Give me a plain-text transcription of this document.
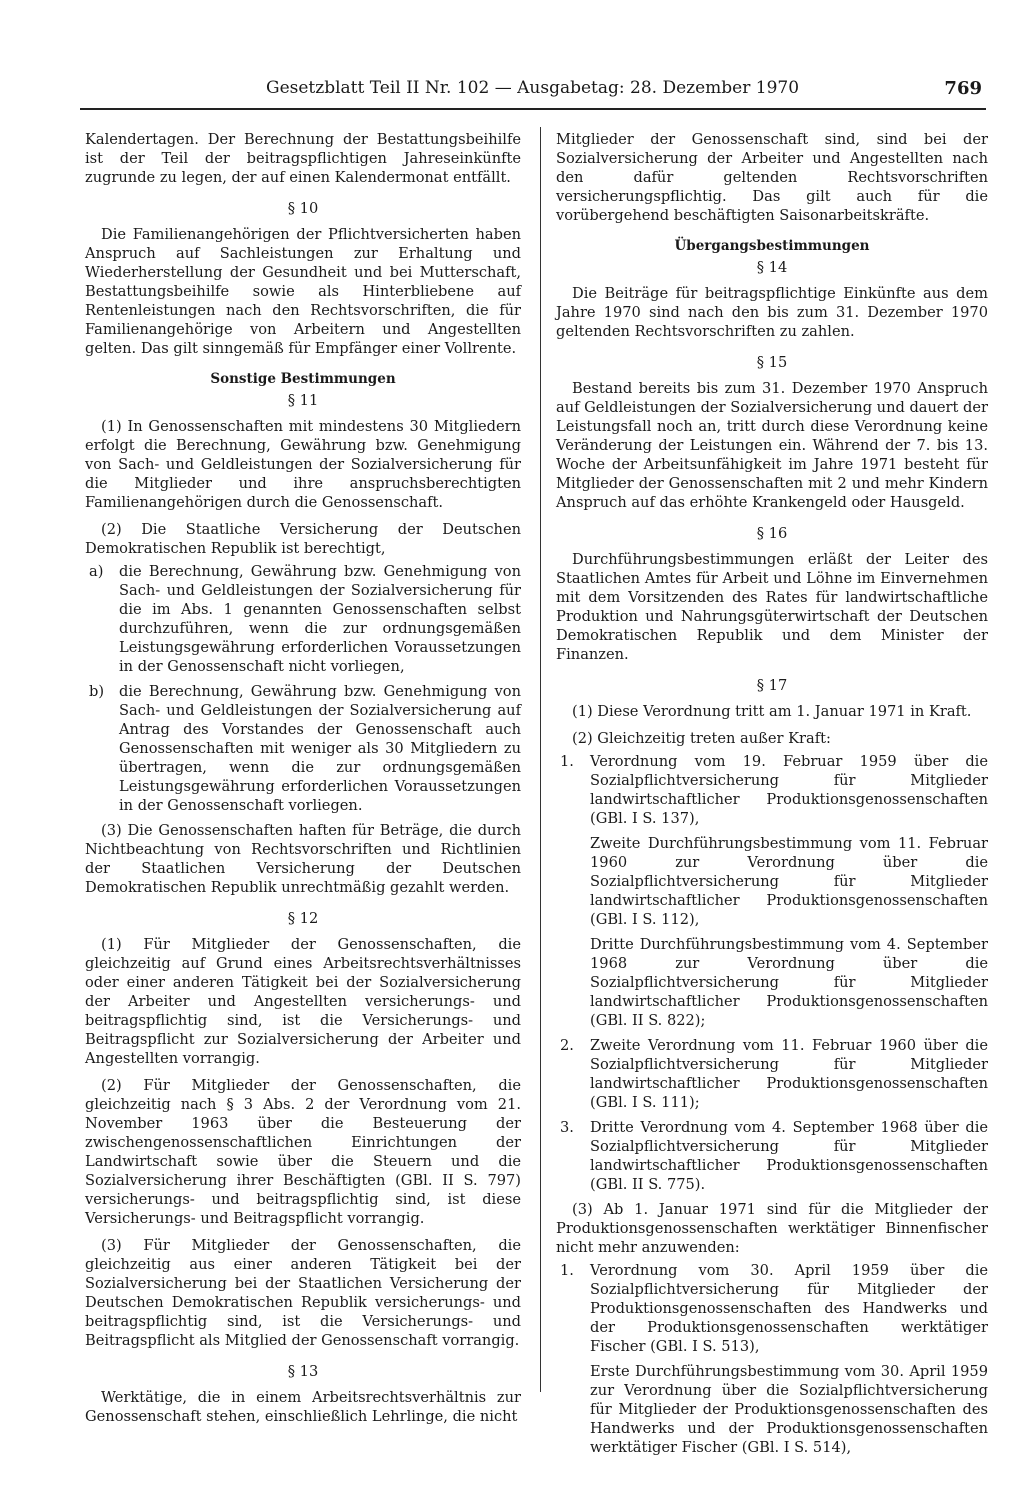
Gesetzblatt Teil II Nr. 102 — Ausgabetag: 28. Dezember 1970	769

Kalendertagen. Der Berechnung der Bestattungsbeihilfe ist der Teil der beitragspflichtigen Jahreseinkünfte zugrunde zu legen, der auf einen Kalendermonat entfällt.

§ 10

Die Familienangehörigen der Pflichtversicherten haben Anspruch auf Sachleistungen zur Erhaltung und Wiederherstellung der Gesundheit und bei Mutterschaft, Bestattungsbeihilfe sowie als Hinterbliebene auf Rentenleistungen nach den Rechtsvorschriften, die für Familienangehörige von Arbeitern und Angestellten gelten. Das gilt sinngemäß für Empfänger einer Vollrente.

Sonstige Bestimmungen
§ 11

(1) In Genossenschaften mit mindestens 30 Mitgliedern erfolgt die Berechnung, Gewährung bzw. Genehmigung von Sach- und Geldleistungen der Sozialversicherung für die Mitglieder und ihre anspruchsberechtigten Familienangehörigen durch die Genossenschaft.

(2) Die Staatliche Versicherung der Deutschen Demokratischen Republik ist berechtigt,

a)	die Berechnung, Gewährung bzw. Genehmigung von Sach- und Geldleistungen der Sozialversicherung für die im Abs. 1 genannten Genossenschaften selbst durchzuführen, wenn die zur ordnungsgemäßen Leistungsgewährung erforderlichen Voraussetzungen in der Genossenschaft nicht vorliegen,
b)	die Berechnung, Gewährung bzw. Genehmigung von Sach- und Geldleistungen der Sozialversicherung auf Antrag des Vorstandes der Genossenschaft auch Genossenschaften mit weniger als 30 Mitgliedern zu übertragen, wenn die zur ordnungsgemäßen Leistungsgewährung erforderlichen Voraussetzungen in der Genossenschaft vorliegen.

(3) Die Genossenschaften haften für Beträge, die durch Nichtbeachtung von Rechtsvorschriften und Richtlinien der Staatlichen Versicherung der Deutschen Demokratischen Republik unrechtmäßig gezahlt werden.

§ 12

(1) Für Mitglieder der Genossenschaften, die gleichzeitig auf Grund eines Arbeitsrechtsverhältnisses oder einer anderen Tätigkeit bei der Sozialversicherung der Arbeiter und Angestellten versicherungs- und beitragspflichtig sind, ist die Versicherungs- und Beitragspflicht zur Sozialversicherung der Arbeiter und Angestellten vorrangig.

(2) Für Mitglieder der Genossenschaften, die gleichzeitig nach § 3 Abs. 2 der Verordnung vom 21. November 1963 über die Besteuerung der zwischengenossenschaftlichen Einrichtungen der Landwirtschaft sowie über die Steuern und die Sozialversicherung ihrer Beschäftigten (GBl. II S. 797) versicherungs- und beitragspflichtig sind, ist diese Versicherungs- und Beitragspflicht vorrangig.

(3) Für Mitglieder der Genossenschaften, die gleichzeitig aus einer anderen Tätigkeit bei der Sozialversicherung bei der Staatlichen Versicherung der Deutschen Demokratischen Republik versicherungs- und beitragspflichtig sind, ist die Versicherungs- und Beitragspflicht als Mitglied der Genossenschaft vorrangig.

§ 13

Werktätige, die in einem Arbeitsrechtsverhältnis zur Genossenschaft stehen, einschließlich Lehrlinge, die nicht

Mitglieder der Genossenschaft sind, sind bei der Sozialversicherung der Arbeiter und Angestellten nach den dafür geltenden Rechtsvorschriften versicherungspflichtig. Das gilt auch für die vorübergehend beschäftigten Saisonarbeitskräfte.

Übergangsbestimmungen
§ 14

Die Beiträge für beitragspflichtige Einkünfte aus dem Jahre 1970 sind nach den bis zum 31. Dezember 1970 geltenden Rechtsvorschriften zu zahlen.

§ 15

Bestand bereits bis zum 31. Dezember 1970 Anspruch auf Geldleistungen der Sozialversicherung und dauert der Leistungsfall noch an, tritt durch diese Verordnung keine Veränderung der Leistungen ein. Während der 7. bis 13. Woche der Arbeitsunfähigkeit im Jahre 1971 besteht für Mitglieder der Genossenschaften mit 2 und mehr Kindern Anspruch auf das erhöhte Krankengeld oder Hausgeld.

§ 16

Durchführungsbestimmungen erläßt der Leiter des Staatlichen Amtes für Arbeit und Löhne im Einvernehmen mit dem Vorsitzenden des Rates für landwirtschaftliche Produktion und Nahrungsgüterwirtschaft der Deutschen Demokratischen Republik und dem Minister der Finanzen.

§ 17

(1) Diese Verordnung tritt am 1. Januar 1971 in Kraft.

(2) Gleichzeitig treten außer Kraft:

1.	Verordnung vom 19. Februar 1959 über die Sozialpflichtversicherung für Mitglieder landwirtschaftlicher Produktionsgenossenschaften (GBl. I S. 137),
Zweite Durchführungsbestimmung vom 11. Februar 1960 zur Verordnung über die Sozialpflichtversicherung für Mitglieder landwirtschaftlicher Produktionsgenossenschaften (GBl. I S. 112),
Dritte Durchführungsbestimmung vom 4. September 1968 zur Verordnung über die Sozialpflichtversicherung für Mitglieder landwirtschaftlicher Produktionsgenossenschaften (GBl. II S. 822);
2.	Zweite Verordnung vom 11. Februar 1960 über die Sozialpflichtversicherung für Mitglieder landwirtschaftlicher Produktionsgenossenschaften (GBl. I S. 111);
3.	Dritte Verordnung vom 4. September 1968 über die Sozialpflichtversicherung für Mitglieder landwirtschaftlicher Produktionsgenossenschaften (GBl. II S. 775).

(3) Ab 1. Januar 1971 sind für die Mitglieder der Produktionsgenossenschaften werktätiger Binnenfischer nicht mehr anzuwenden:

1.	Verordnung vom 30. April 1959 über die Sozialpflichtversicherung für Mitglieder der Produktionsgenossenschaften des Handwerks und der Produktionsgenossenschaften werktätiger Fischer (GBl. I S. 513),
Erste Durchführungsbestimmung vom 30. April 1959 zur Verordnung über die Sozialpflichtversicherung für Mitglieder der Produktionsgenossenschaften des Handwerks und der Produktionsgenossenschaften werktätiger Fischer (GBl. I S. 514),
